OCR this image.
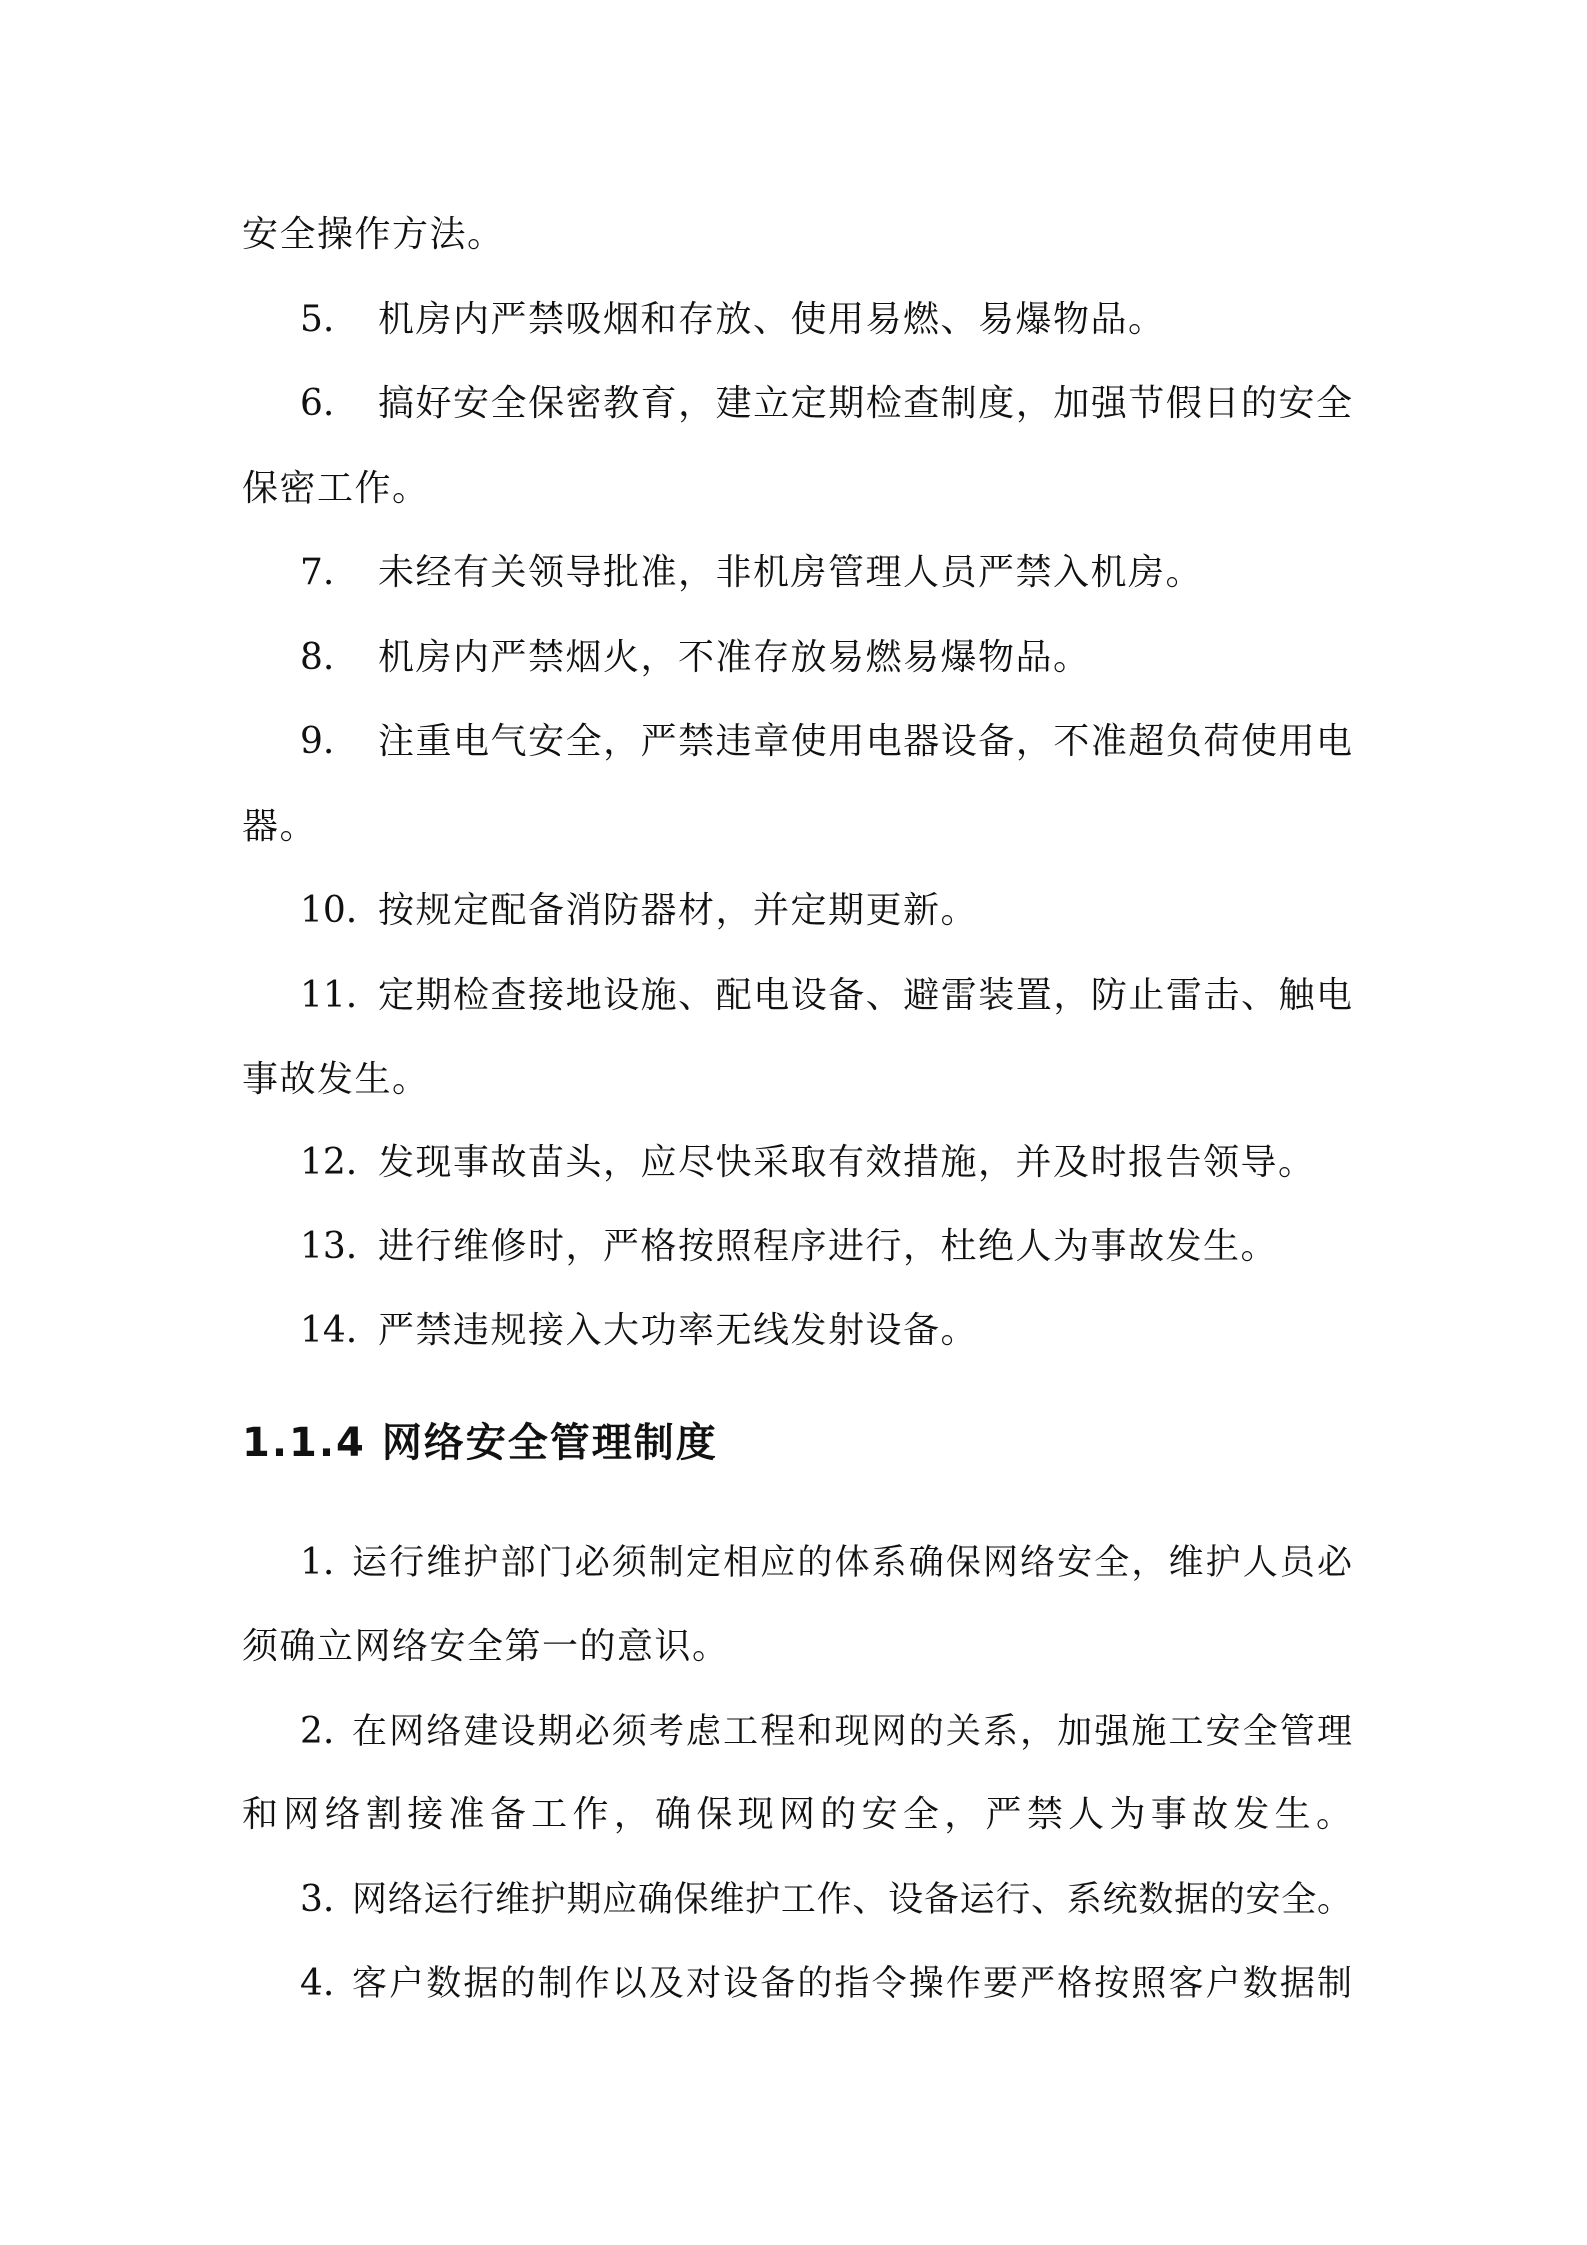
安全操作方法。
5. 机房内严禁吸烟和存放、使用易燃、易爆物品。
6. 搞好安全保密教育，建立定期检查制度，加强节假日的安全
保密工作。
7. 未经有关领导批准，非机房管理人员严禁入机房。
8. 机房内严禁烟火，不准存放易燃易爆物品。
9. 注重电气安全，严禁违章使用电器设备，不准超负荷使用电
器。
10. 按规定配备消防器材，并定期更新。
11. 定期检查接地设施、配电设备、避雷装置，防止雷击、触电
事故发生。
12. 发现事故苗头，应尽快采取有效措施，并及时报告领导。
13. 进行维修时，严格按照程序进行，杜绝人为事故发生。
14. 严禁违规接入大功率无线发射设备。
1.1.4 网络安全管理制度
1. 运行维护部门必须制定相应的体系确保网络安全，维护人员必
须确立网络安全第一的意识。
2. 在网络建设期必须考虑工程和现网的关系，加强施工安全管理
和网络割接准备工作，确保现网的安全，严禁人为事故发生。
3. 网络运行维护期应确保维护工作、设备运行、系统数据的安全。
4. 客户数据的制作以及对设备的指令操作要严格按照客户数据制
